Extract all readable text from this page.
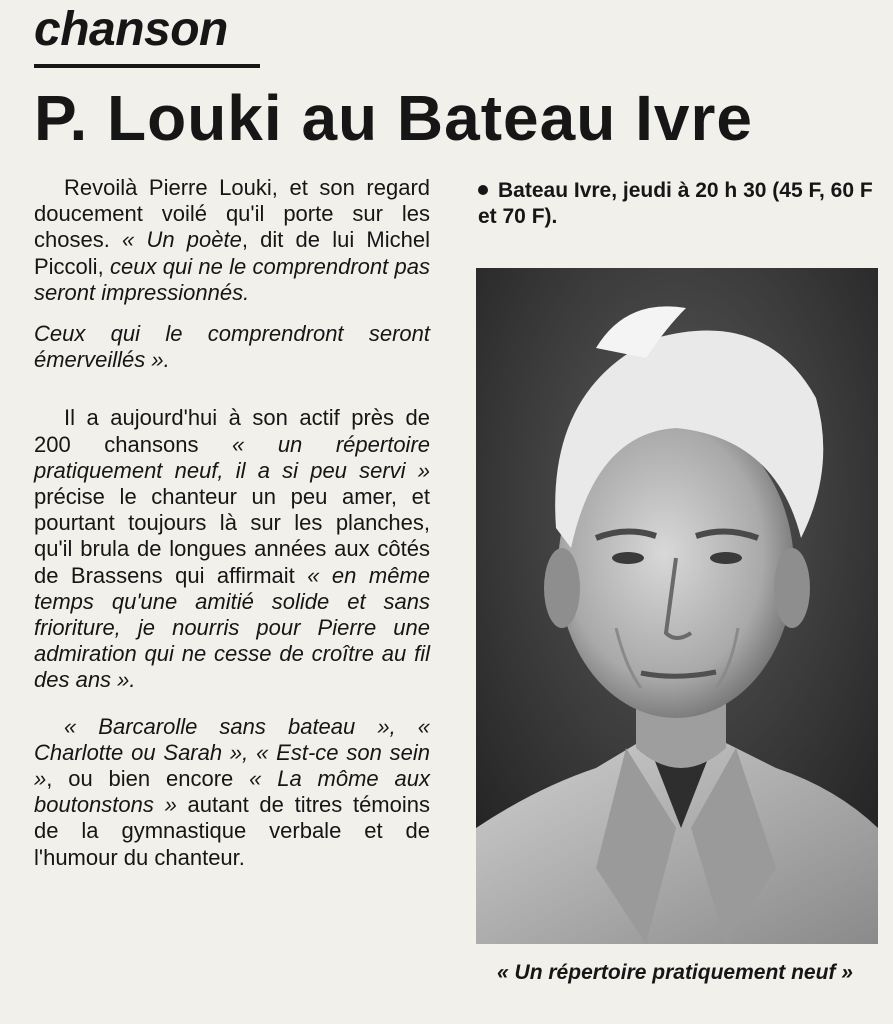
chanson
P. Louki au Bateau Ivre

Revoilà Pierre Louki, et son regard doucement voilé qu'il porte sur les choses. « Un poète, dit de lui Michel Piccoli, ceux qui ne le comprendront pas seront impressionnés.

Ceux qui le comprendront seront émerveillés ».

Il a aujourd'hui à son actif près de 200 chansons « un répertoire pratiquement neuf, il a si peu servi » précise le chanteur un peu amer, et pourtant toujours là sur les planches, qu'il brula de longues années aux côtés de Brassens qui affirmait « en même temps qu'une amitié solide et sans frioriture, je nourris pour Pierre une admiration qui ne cesse de croître au fil des ans ».

« Barcarolle sans bateau », « Charlotte ou Sarah », « Est-ce son sein », ou bien encore « La môme aux boutonstons » autant de titres témoins de la gymnastique verbale et de l'humour du chanteur.

Bateau Ivre, jeudi à 20 h 30 (45 F, 60 F et 70 F).

« Un répertoire pratiquement neuf »
